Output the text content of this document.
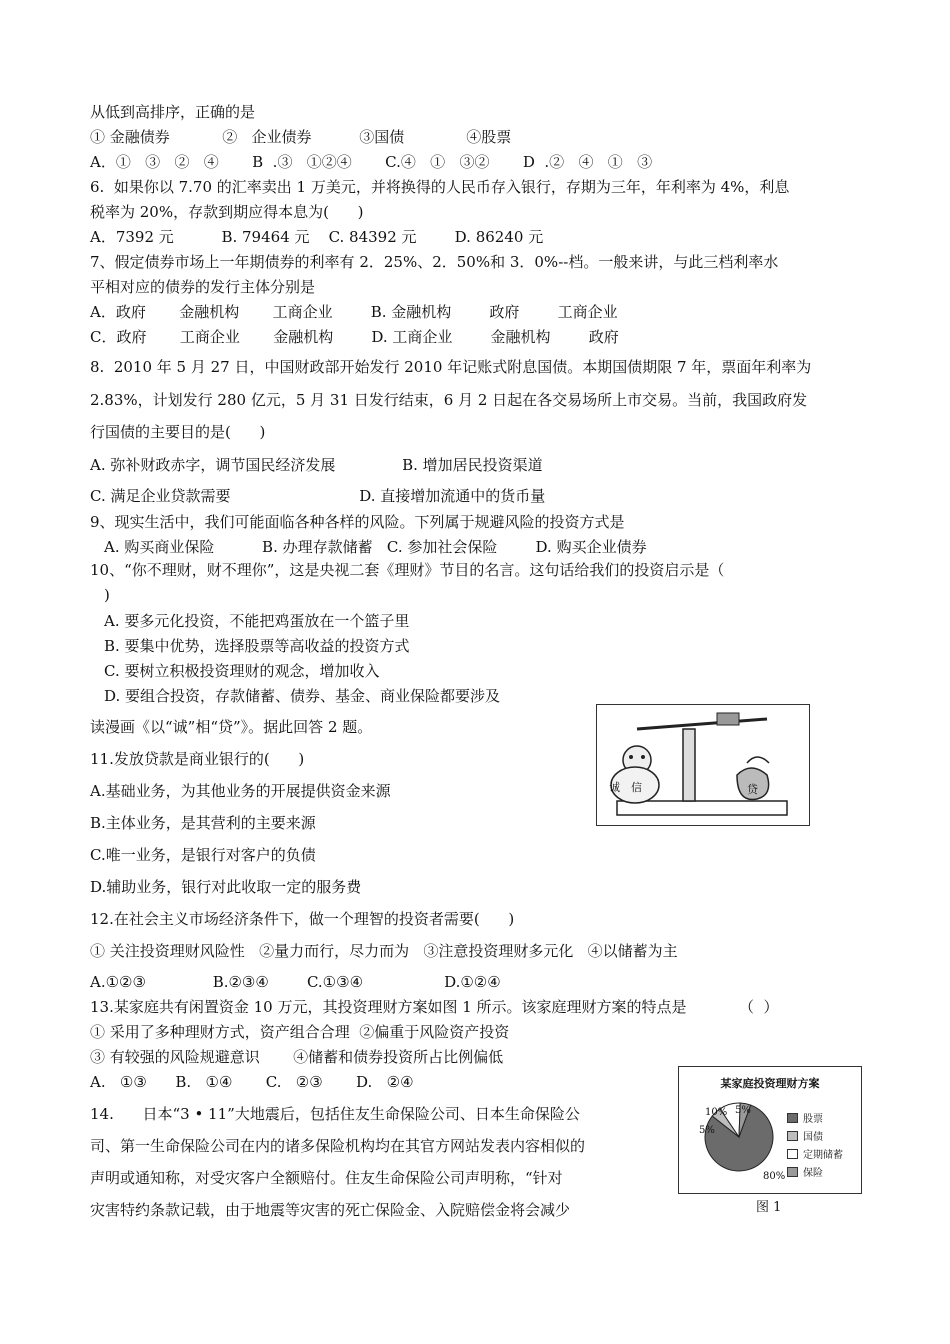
从低到高排序，正确的是
① 金融债券           ②   企业债券          ③国债             ④股票
A．①   ③   ②   ④       B  .③   ①②④       C.④   ①   ③②       D  .②   ④   ①   ③
6.  如果你以 7.70 的汇率卖出 1 万美元，并将换得的人民币存入银行，存期为三年，年利率为 4%，利息
税率为 20%，存款到期应得本息为(      )
A．7392 元          B. 79464 元    C. 84392 元        D. 86240 元
7、假定债券市场上一年期债券的利率有 2．25%、2．50%和 3．0%--档。一般来讲，与此三档利率水
平相对应的债券的发行主体分别是
A．政府       金融机构       工商企业        B. 金融机构        政府        工商企业
C．政府       工商企业       金融机构        D. 工商企业        金融机构        政府
8.  2010 年 5 月 27 日，中国财政部开始发行 2010 年记账式附息国债。本期国债期限 7 年，票面年利率为
2.83%，计划发行 280 亿元，5 月 31 日发行结束，6 月 2 日起在各交易场所上市交易。当前，我国政府发
行国债的主要目的是(      )
A. 弥补财政赤字，调节国民经济发展              B. 增加居民投资渠道
C. 满足企业贷款需要                           D. 直接增加流通中的货币量
9、现实生活中，我们可能面临各种各样的风险。下列属于规避风险的投资方式是
A. 购买商业保险          B. 办理存款储蓄   C. 参加社会保险        D. 购买企业债券
10、“你不理财，财不理你”，这是央视二套《理财》节目的名言。这句话给我们的投资启示是（
)
A. 要多元化投资，不能把鸡蛋放在一个篮子里
B. 要集中优势，选择股票等高收益的投资方式
C. 要树立积极投资理财的观念，增加收入
D. 要组合投资，存款储蓄、债券、基金、商业保险都要涉及
读漫画《以“诚”相“贷”》。据此回答 2 题。
11.发放贷款是商业银行的(      )
A.基础业务，为其他业务的开展提供资金来源
B.主体业务，是其营利的主要来源
C.唯一业务，是银行对客户的负债
D.辅助业务，银行对此收取一定的服务费
12.在社会主义市场经济条件下，做一个理智的投资者需要(      )
① 关注投资理财风险性   ②量力而行，尽力而为   ③注意投资理财多元化   ④以储蓄为主
A.①②③              B.②③④        C.①③④                 D.①②④
13.某家庭共有闲置资金 10 万元，其投资理财方案如图 1 所示。该家庭理财方案的特点是           （  ）
① 采用了多种理财方式，资产组合合理  ②偏重于风险资产投资
③ 有较强的风险规避意识       ④储蓄和债券投资所占比例偏低
A.   ①③      B.   ①④       C.   ②③       D.   ②④
14.      日本“3 • 11”大地震后，包括住友生命保险公司、日本生命保险公
司、第一生命保险公司在内的诸多保险机构均在其官方网站发表内容相似的
声明或通知称，对受灾客户全额赔付。住友生命保险公司声明称，“针对
灾害特约条款记载，由于地震等灾害的死亡保险金、入院赔偿金将会减少
诚 信	贷
某家庭投资理财方案
80%
5%
10% 5%
股票
国债
定期储蓄
保险
图 1
